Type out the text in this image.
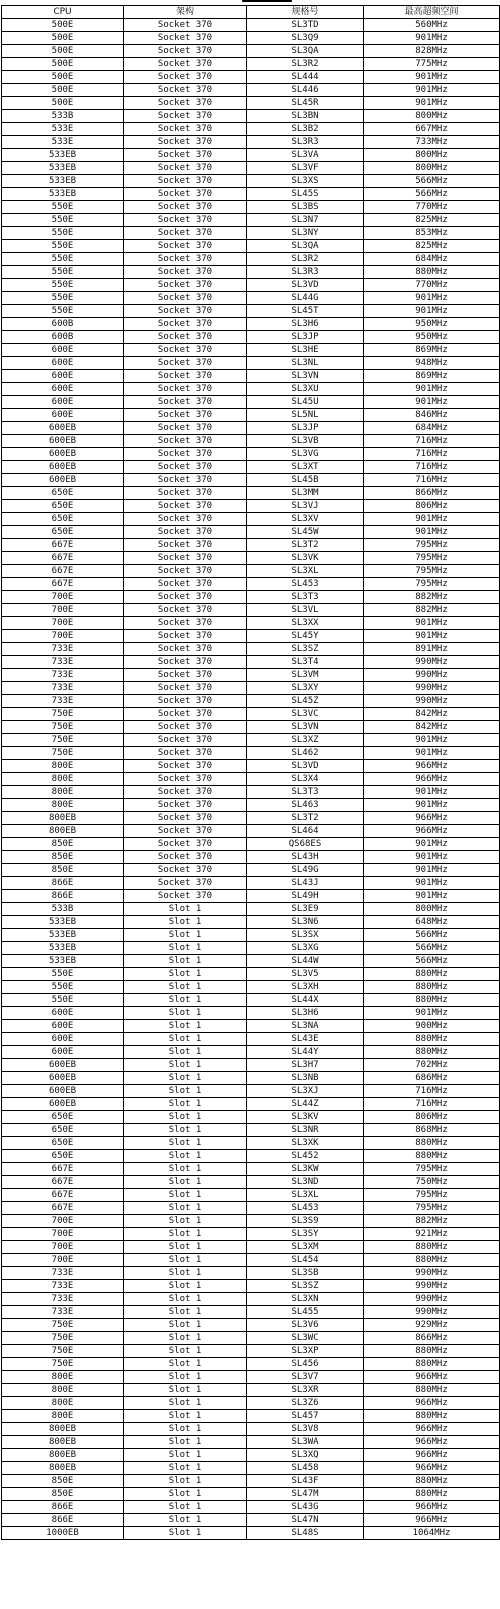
CPU	架构	规格号	最高超频空间
500E	Socket 370	SL3TD	560MHz
500E	Socket 370	SL3Q9	901MHz
500E	Socket 370	SL3QA	828MHz
500E	Socket 370	SL3R2	775MHz
500E	Socket 370	SL444	901MHz
500E	Socket 370	SL446	901MHz
500E	Socket 370	SL45R	901MHz
533B	Socket 370	SL3BN	800MHz
533E	Socket 370	SL3B2	667MHz
533E	Socket 370	SL3R3	733MHz
533EB	Socket 370	SL3VA	800MHz
533EB	Socket 370	SL3VF	800MHz
533EB	Socket 370	SL3XS	566MHz
533EB	Socket 370	SL45S	566MHz
550E	Socket 370	SL3BS	770MHz
550E	Socket 370	SL3N7	825MHz
550E	Socket 370	SL3NY	853MHz
550E	Socket 370	SL3QA	825MHz
550E	Socket 370	SL3R2	684MHz
550E	Socket 370	SL3R3	880MHz
550E	Socket 370	SL3VD	770MHz
550E	Socket 370	SL44G	901MHz
550E	Socket 370	SL45T	901MHz
600B	Socket 370	SL3H6	950MHz
600B	Socket 370	SL3JP	950MHz
600E	Socket 370	SL3HE	869MHz
600E	Socket 370	SL3NL	948MHz
600E	Socket 370	SL3VN	869MHz
600E	Socket 370	SL3XU	901MHz
600E	Socket 370	SL45U	901MHz
600E	Socket 370	SL5NL	846MHz
600EB	Socket 370	SL3JP	684MHz
600EB	Socket 370	SL3VB	716MHz
600EB	Socket 370	SL3VG	716MHz
600EB	Socket 370	SL3XT	716MHz
600EB	Socket 370	SL45B	716MHz
650E	Socket 370	SL3MM	866MHz
650E	Socket 370	SL3VJ	806MHz
650E	Socket 370	SL3XV	901MHz
650E	Socket 370	SL45W	901MHz
667E	Socket 370	SL3T2	795MHz
667E	Socket 370	SL3VK	795MHz
667E	Socket 370	SL3XL	795MHz
667E	Socket 370	SL453	795MHz
700E	Socket 370	SL3T3	882MHz
700E	Socket 370	SL3VL	882MHz
700E	Socket 370	SL3XX	901MHz
700E	Socket 370	SL45Y	901MHz
733E	Socket 370	SL3SZ	891MHz
733E	Socket 370	SL3T4	990MHz
733E	Socket 370	SL3VM	990MHz
733E	Socket 370	SL3XY	990MHz
733E	Socket 370	SL45Z	990MHz
750E	Socket 370	SL3VC	842MHz
750E	Socket 370	SL3VN	842MHz
750E	Socket 370	SL3XZ	901MHz
750E	Socket 370	SL462	901MHz
800E	Socket 370	SL3VD	966MHz
800E	Socket 370	SL3X4	966MHz
800E	Socket 370	SL3T3	901MHz
800E	Socket 370	SL463	901MHz
800EB	Socket 370	SL3T2	966MHz
800EB	Socket 370	SL464	966MHz
850E	Socket 370	QS68ES	901MHz
850E	Socket 370	SL43H	901MHz
850E	Socket 370	SL49G	901MHz
866E	Socket 370	SL43J	901MHz
866E	Socket 370	SL49H	901MHz
533B	Slot 1	SL3E9	800MHz
533EB	Slot 1	SL3N6	648MHz
533EB	Slot 1	SL3SX	566MHz
533EB	Slot 1	SL3XG	566MHz
533EB	Slot 1	SL44W	566MHz
550E	Slot 1	SL3V5	880MHz
550E	Slot 1	SL3XH	880MHz
550E	Slot 1	SL44X	880MHz
600E	Slot 1	SL3H6	901MHz
600E	Slot 1	SL3NA	900MHz
600E	Slot 1	SL43E	880MHz
600E	Slot 1	SL44Y	880MHz
600EB	Slot 1	SL3H7	702MHz
600EB	Slot 1	SL3NB	686MHz
600EB	Slot 1	SL3XJ	716MHz
600EB	Slot 1	SL44Z	716MHz
650E	Slot 1	SL3KV	806MHz
650E	Slot 1	SL3NR	868MHz
650E	Slot 1	SL3XK	880MHz
650E	Slot 1	SL452	880MHz
667E	Slot 1	SL3KW	795MHz
667E	Slot 1	SL3ND	750MHz
667E	Slot 1	SL3XL	795MHz
667E	Slot 1	SL453	795MHz
700E	Slot 1	SL3S9	882MHz
700E	Slot 1	SL3SY	921MHz
700E	Slot 1	SL3XM	880MHz
700E	Slot 1	SL454	880MHz
733E	Slot 1	SL3SB	990MHz
733E	Slot 1	SL3SZ	990MHz
733E	Slot 1	SL3XN	990MHz
733E	Slot 1	SL455	990MHz
750E	Slot 1	SL3V6	929MHz
750E	Slot 1	SL3WC	866MHz
750E	Slot 1	SL3XP	880MHz
750E	Slot 1	SL456	880MHz
800E	Slot 1	SL3V7	966MHz
800E	Slot 1	SL3XR	880MHz
800E	Slot 1	SL3Z6	966MHz
800E	Slot 1	SL457	880MHz
800EB	Slot 1	SL3V8	966MHz
800EB	Slot 1	SL3WA	966MHz
800EB	Slot 1	SL3XQ	966MHz
800EB	Slot 1	SL458	966MHz
850E	Slot 1	SL43F	880MHz
850E	Slot 1	SL47M	880MHz
866E	Slot 1	SL43G	966MHz
866E	Slot 1	SL47N	966MHz
1000EB	Slot 1	SL48S	1064MHz
